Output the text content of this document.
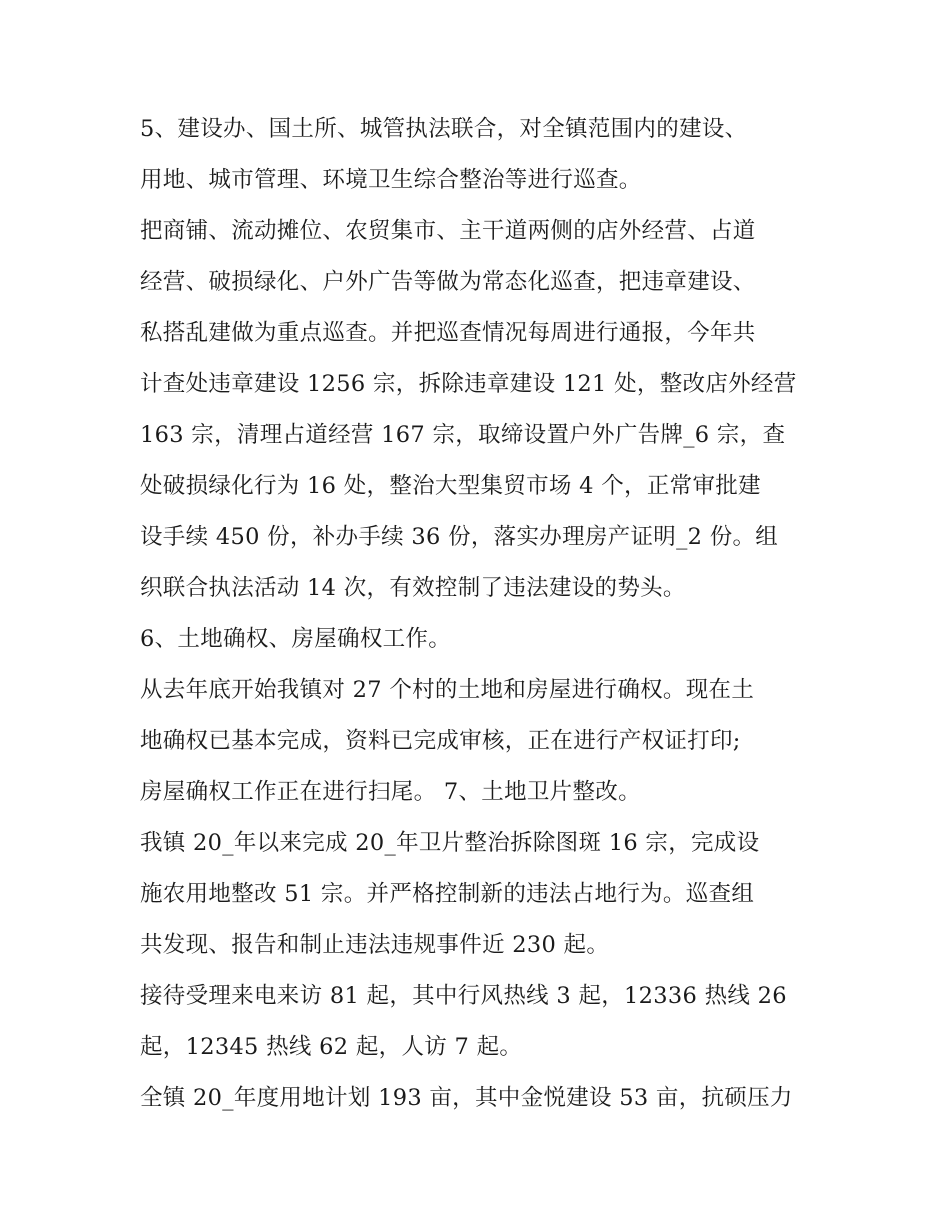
5、建设办、国土所、城管执法联合，对全镇范围内的建设、
用地、城市管理、环境卫生综合整治等进行巡查。
把商铺、流动摊位、农贸集市、主干道两侧的店外经营、占道
经营、破损绿化、户外广告等做为常态化巡查，把违章建设、
私搭乱建做为重点巡查。并把巡查情况每周进行通报，今年共
计查处违章建设 1256 宗，拆除违章建设 121 处，整改店外经营
163 宗，清理占道经营 167 宗，取缔设置户外广告牌_6 宗，查
处破损绿化行为 16 处，整治大型集贸市场 4 个，正常审批建
设手续 450 份，补办手续 36 份，落实办理房产证明_2 份。组
织联合执法活动 14 次，有效控制了违法建设的势头。
6、土地确权、房屋确权工作。
从去年底开始我镇对 27 个村的土地和房屋进行确权。现在土
地确权已基本完成，资料已完成审核，正在进行产权证打印;
房屋确权工作正在进行扫尾。 7、土地卫片整改。
我镇 20_年以来完成 20_年卫片整治拆除图斑 16 宗，完成设
施农用地整改 51 宗。并严格控制新的违法占地行为。巡查组
共发现、报告和制止违法违规事件近 230 起。
接待受理来电来访 81 起，其中行风热线 3 起，12336 热线 26
起，12345 热线 62 起，人访 7 起。
全镇 20_年度用地计划 193 亩，其中金悦建设 53 亩，抗硕压力
